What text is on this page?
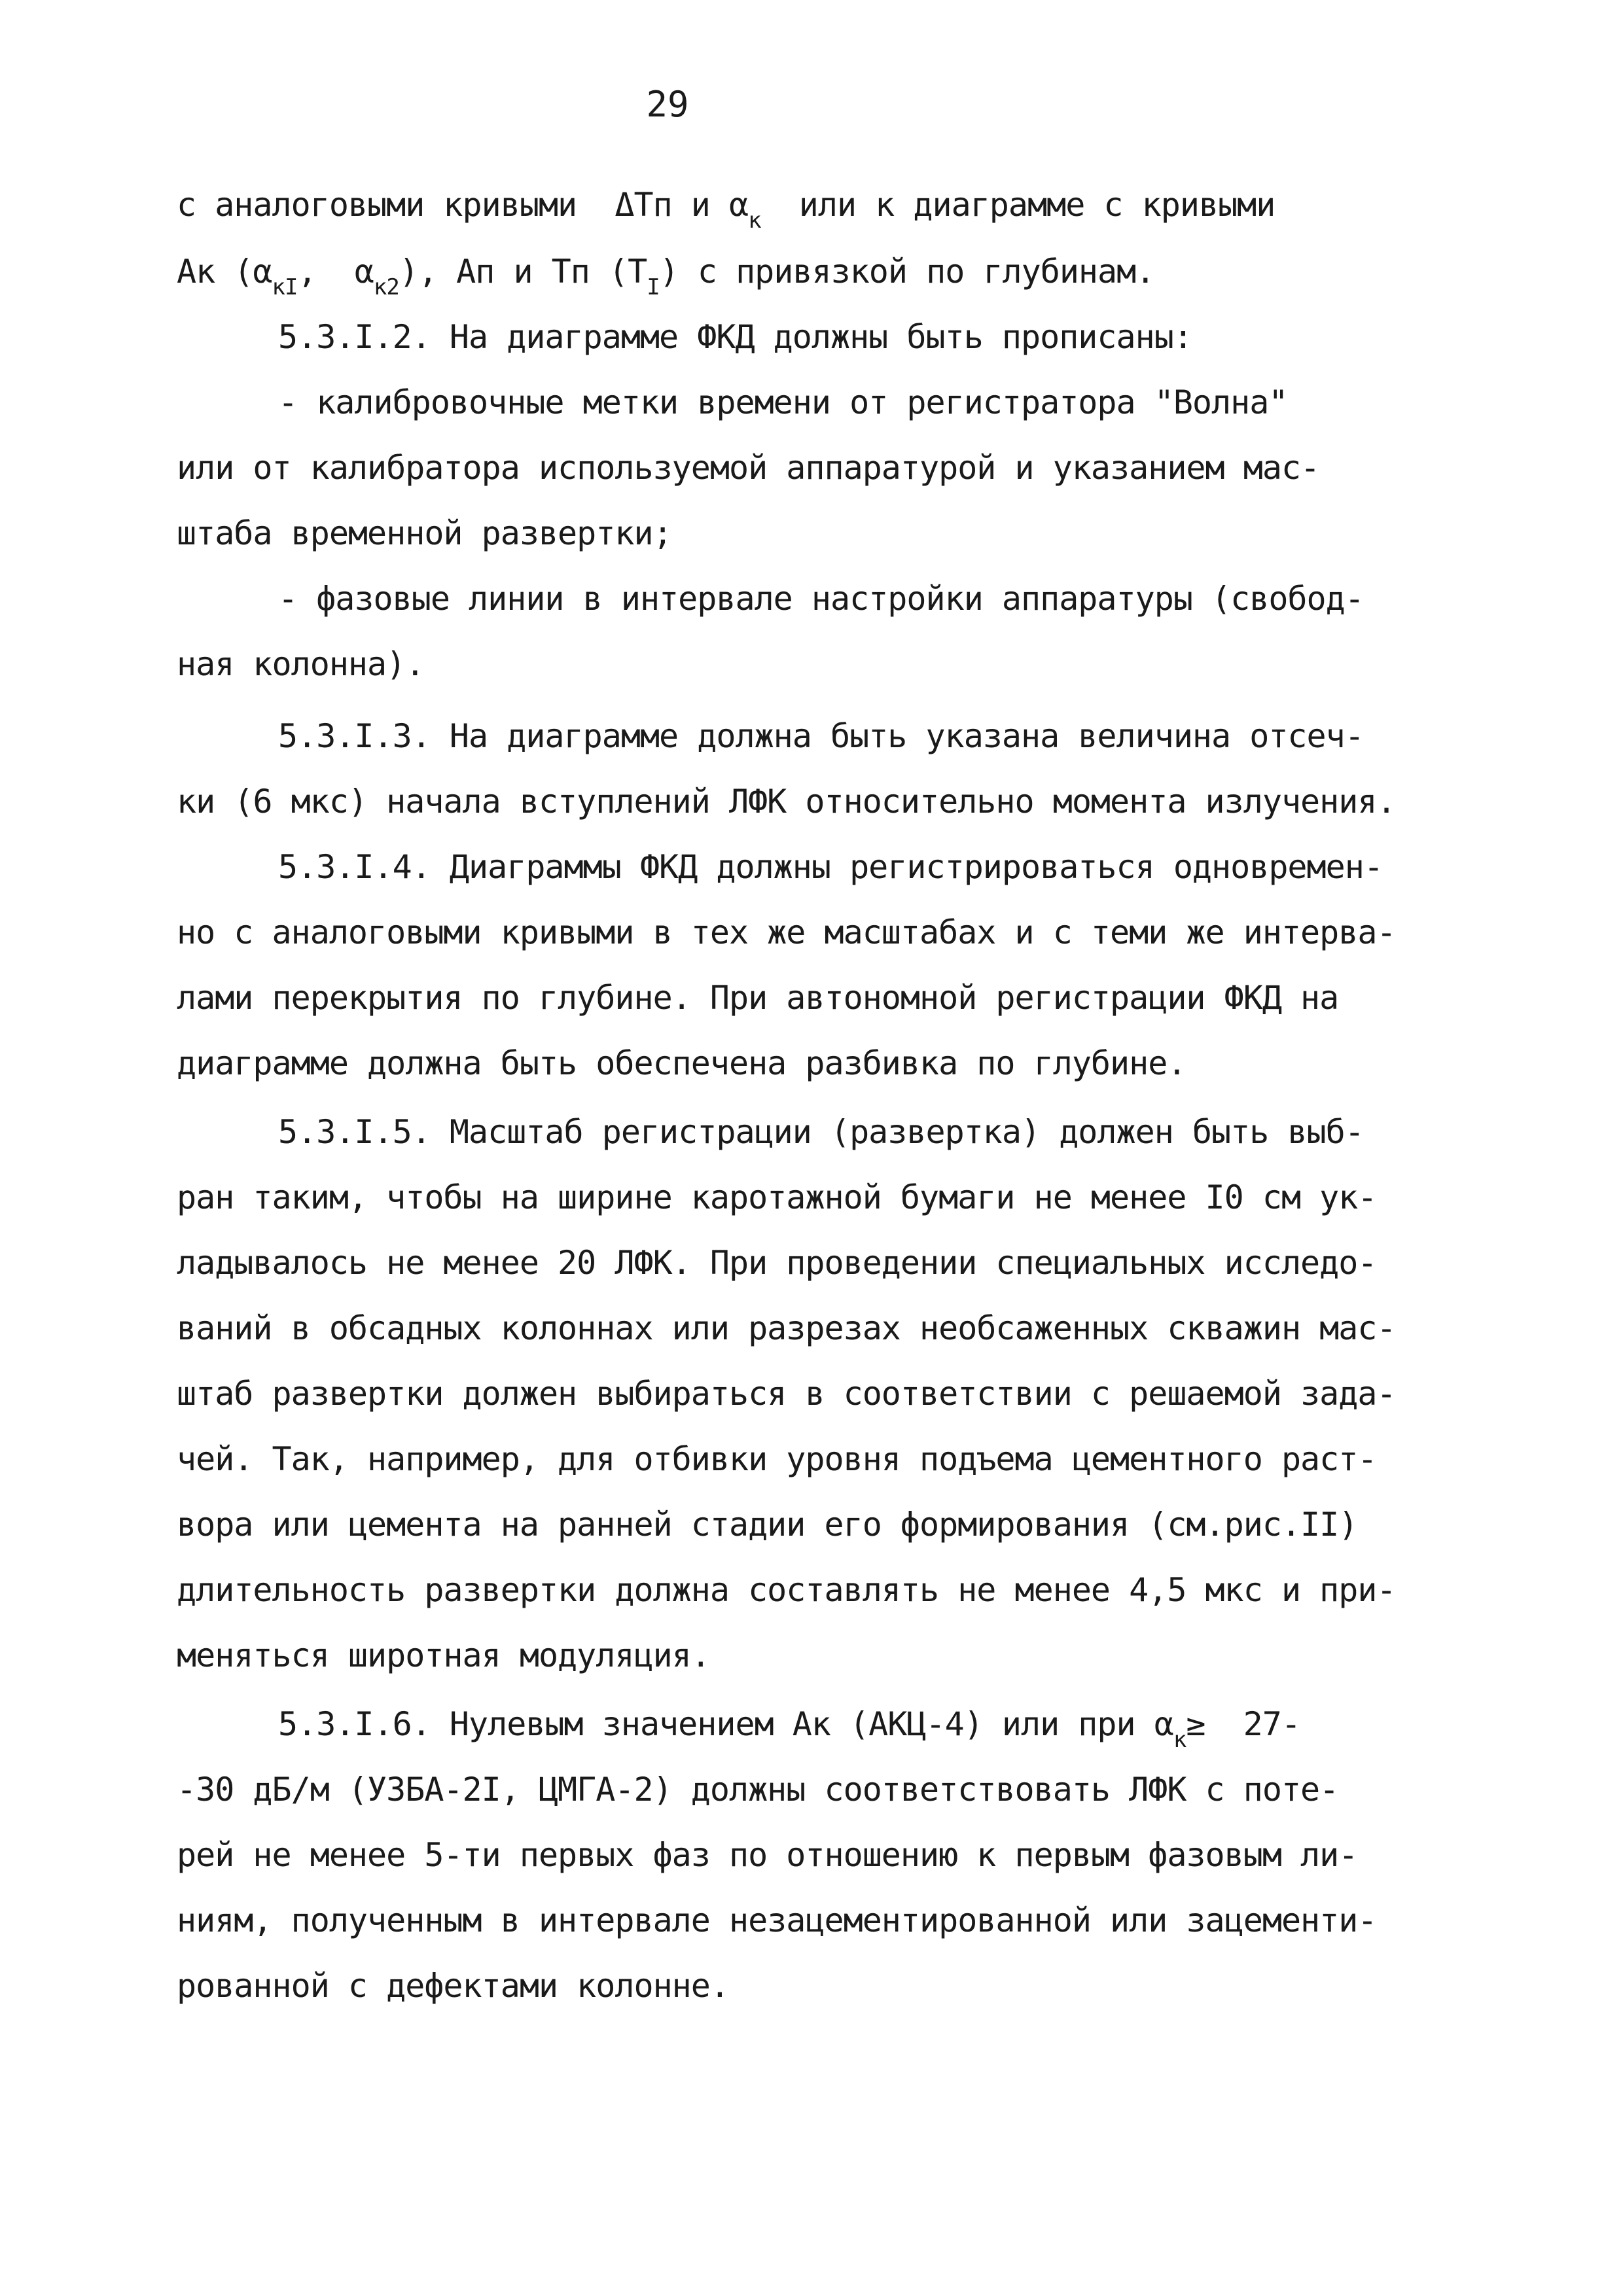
29
с аналоговыми кривыми  ΔТп и $\alpha_к$  или к диаграмме с кривыми
Ак ($\alpha_{кI}$,  $\alpha_{к2}$), Ап и Тп $(Т_I)$ с привязкой по глубинам.
5.3.I.2. На диаграмме ФКД должны быть прописаны:
- калибровочные метки времени от регистратора "Волна"
или от калибратора используемой аппаратурой и указанием мас-
штаба временной развертки;
- фазовые линии в интервале настройки аппаратуры (свобод-
ная колонна).
5.3.I.3. На диаграмме должна быть указана величина отсеч-
ки (6 мкс) начала вступлений ЛФК относительно момента излучения.
5.3.I.4. Диаграммы ФКД должны регистрироваться одновремен-
но с аналоговыми кривыми в тех же масштабах и с теми же интерва-
лами перекрытия по глубине. При автономной регистрации ФКД на
диаграмме должна быть обеспечена разбивка по глубине.
5.3.I.5. Масштаб регистрации (развертка) должен быть выб-
ран таким, чтобы на ширине каротажной бумаги не менее I0 см ук-
ладывалось не менее 20 ЛФК. При проведении специальных исследо-
ваний в обсадных колоннах или разрезах необсаженных скважин мас-
штаб развертки должен выбираться в соответствии с решаемой зада-
чей. Так, например, для отбивки уровня подъема цементного раст-
вора или цемента на ранней стадии его формирования (см.рис.II)
длительность развертки должна составлять не менее 4,5 мкс и при-
меняться широтная модуляция.
5.3.I.6. Нулевым значением Ак (АКЦ-4) или при $\alpha_к\ge 27-$
-30 дБ/м (УЗБА-2I, ЦМГА-2) должны соответствовать ЛФК с поте-
рей не менее 5-ти первых фаз по отношению к первым фазовым ли-
ниям, полученным в интервале незацементированной или зацементи-
рованной с дефектами колонне.
